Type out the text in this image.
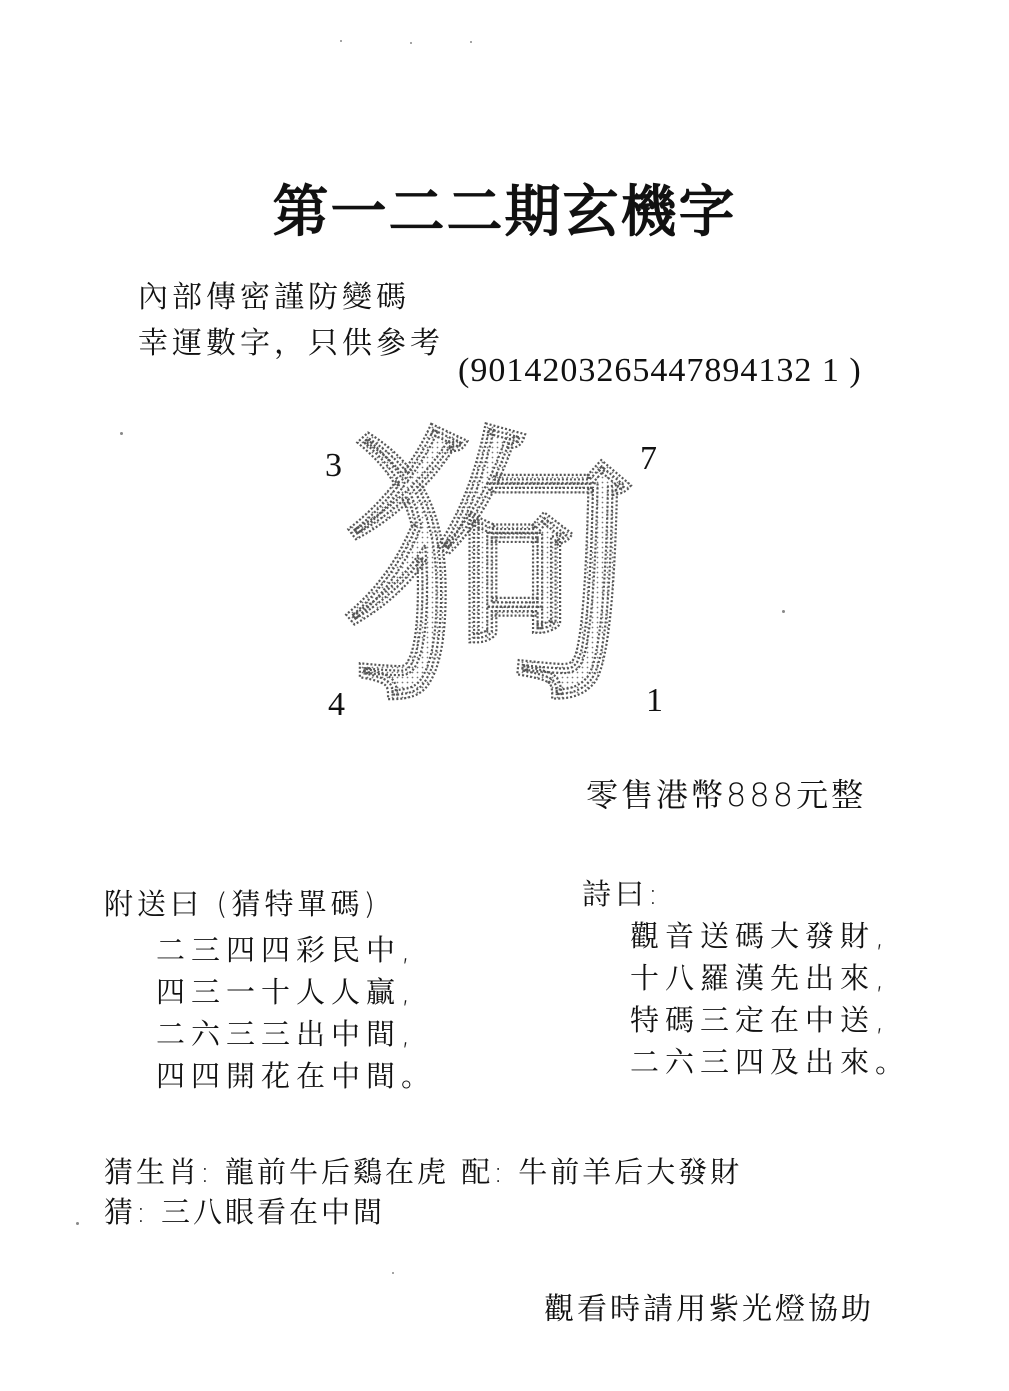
第一二二期玄機字
內部傳密謹防變碼
幸運數字，只供參考
(9014203265447894132 1 )
3	7
4	1
狗
零售港幣888元整
附送曰 (猜特單碼)
二三四四彩民中,
四三一十人人贏,
二六三三出中間,
四四開花在中間。
詩曰:
觀音送碼大發財,
十八羅漢先出來,
特碼三定在中送,
二六三四及出來。
猜生肖: 龍前牛后鷄在虎 配: 牛前羊后大發財
猜: 三八眼看在中間
觀看時請用紫光燈協助
